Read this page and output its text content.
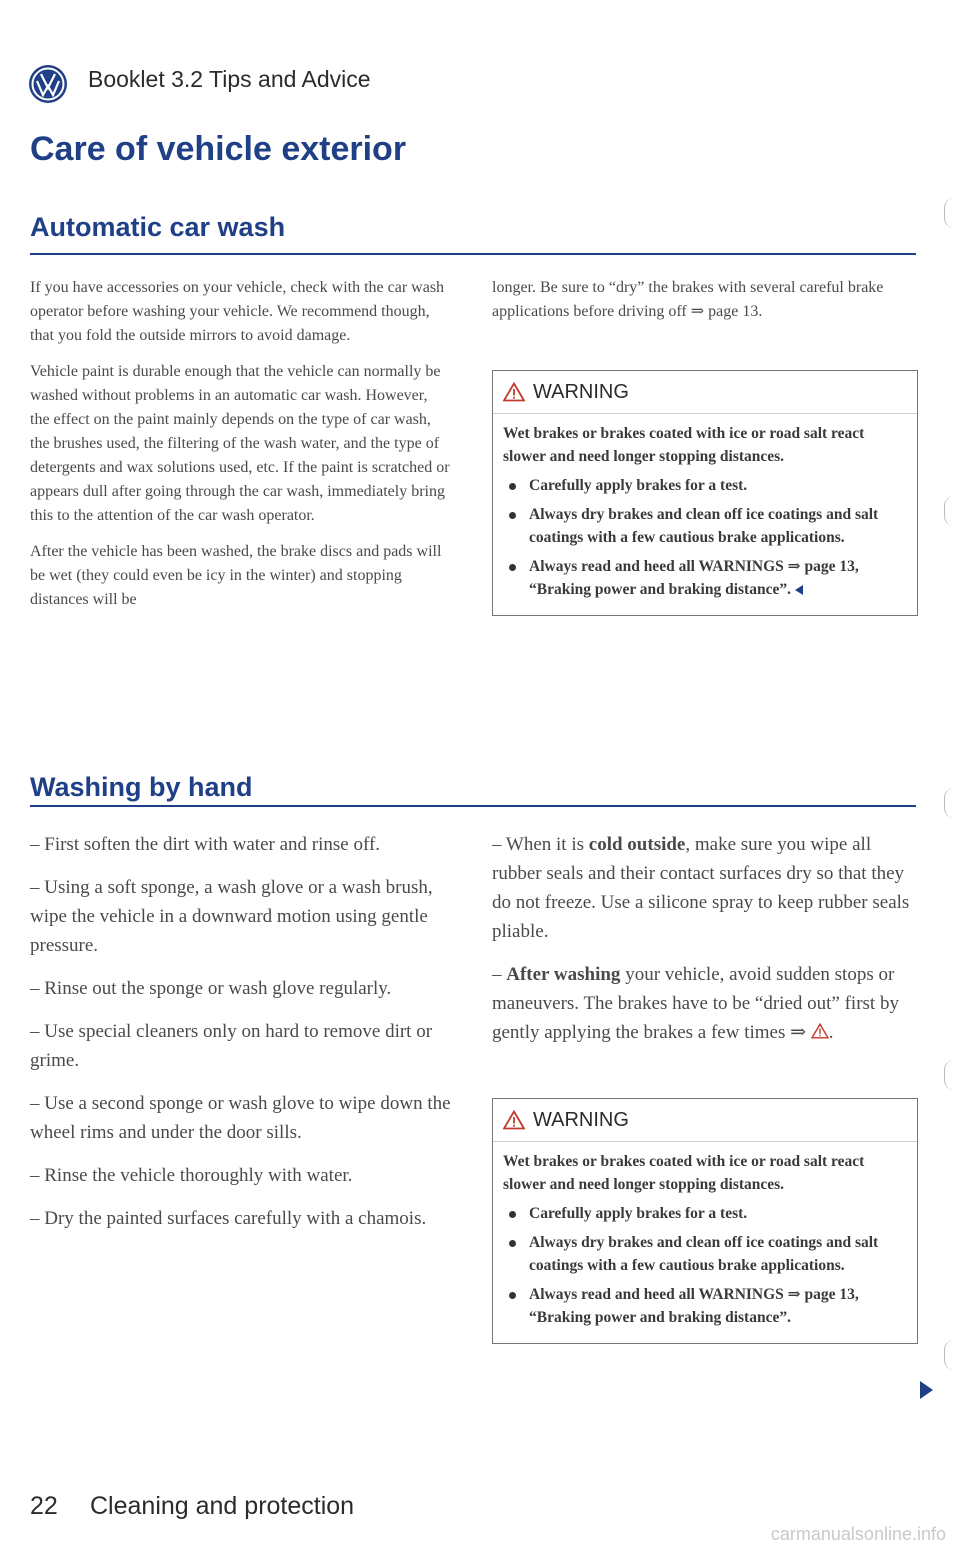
Booklet 3.2 Tips and Advice
Care of vehicle exterior
Automatic car wash

If you have accessories on your vehicle, check with the car wash operator before washing your vehicle. We recommend though, that you fold the outside mirrors to avoid damage.

Vehicle paint is durable enough that the vehicle can normally be washed without problems in an automatic car wash. However, the effect on the paint mainly depends on the type of car wash, the brushes used, the filtering of the wash water, and the type of detergents and wax solutions used, etc. If the paint is scratched or appears dull after going through the car wash, immediately bring this to the attention of the car wash operator.

After the vehicle has been washed, the brake discs and pads will be wet (they could even be icy in the winter) and stopping distances will be

longer. Be sure to “dry” the brakes with several careful brake applications before driving off ⇒ page 13.

WARNING

Wet brakes or brakes coated with ice or road salt react slower and need longer stopping distances.

Carefully apply brakes for a test.
Always dry brakes and clean off ice coatings and salt coatings with a few cautious brake applications.
Always read and heed all WARNINGS ⇒ page 13, “Braking power and braking distance”.
Washing by hand

– First soften the dirt with water and rinse off.

– Using a soft sponge, a wash glove or a wash brush, wipe the vehicle in a downward motion using gentle pressure.

– Rinse out the sponge or wash glove regularly.

– Use special cleaners only on hard to remove dirt or grime.

– Use a second sponge or wash glove to wipe down the wheel rims and under the door sills.

– Rinse the vehicle thoroughly with water.

– Dry the painted surfaces carefully with a chamois.

– When it is cold outside, make sure you wipe all rubber seals and their contact surfaces dry so that they do not freeze. Use a silicone spray to keep rubber seals pliable.

– After washing your vehicle, avoid sudden stops or maneuvers. The brakes have to be “dried out” first by gently applying the brakes a few times ⇒ .

WARNING

Wet brakes or brakes coated with ice or road salt react slower and need longer stopping distances.

Carefully apply brakes for a test.
Always dry brakes and clean off ice coatings and salt coatings with a few cautious brake applications.
Always read and heed all WARNINGS ⇒ page 13, “Braking power and braking distance”.
22 Cleaning and protection
carmanualsonline.info
